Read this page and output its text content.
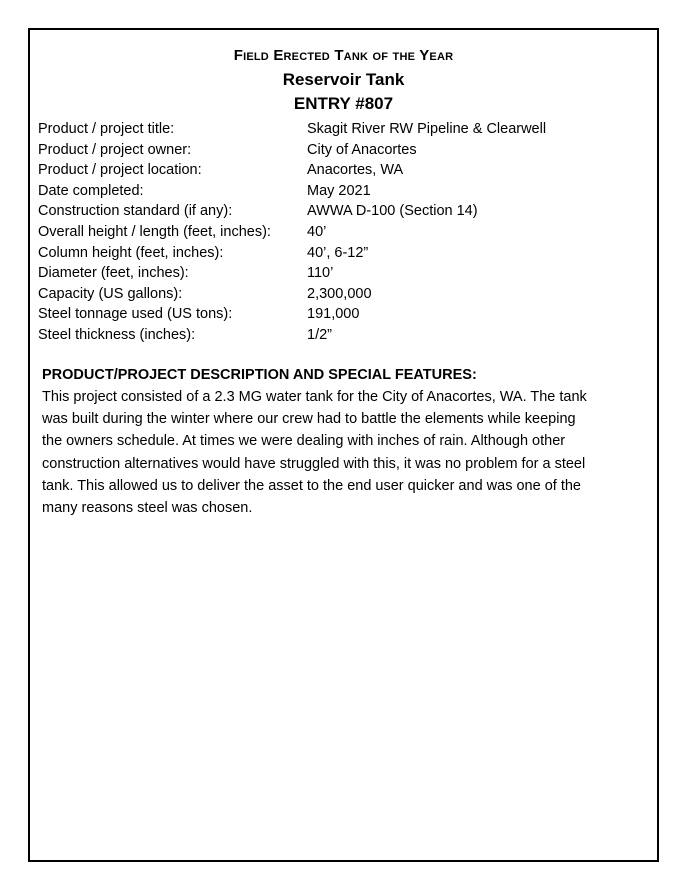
Field Erected Tank of the Year
Reservoir Tank
ENTRY #807
Product / project title:	Skagit River RW Pipeline & Clearwell
Product / project owner:	City of Anacortes
Product / project location:	Anacortes, WA
Date completed:	May 2021
Construction standard (if any):	AWWA D-100 (Section 14)
Overall height / length (feet, inches):	40’
Column height (feet, inches):	40’, 6-12”
Diameter (feet, inches):	110’
Capacity (US gallons):	2,300,000
Steel tonnage used (US tons):	191,000
Steel thickness (inches):	1/2”
PRODUCT/PROJECT DESCRIPTION AND SPECIAL FEATURES:
This project consisted of a 2.3 MG water tank for the City of Anacortes, WA. The tank
was built during the winter where our crew had to battle the elements while keeping
the owners schedule. At times we were dealing with inches of rain. Although other
construction alternatives would have struggled with this, it was no problem for a steel
tank. This allowed us to deliver the asset to the end user quicker and was one of the
many reasons steel was chosen.
